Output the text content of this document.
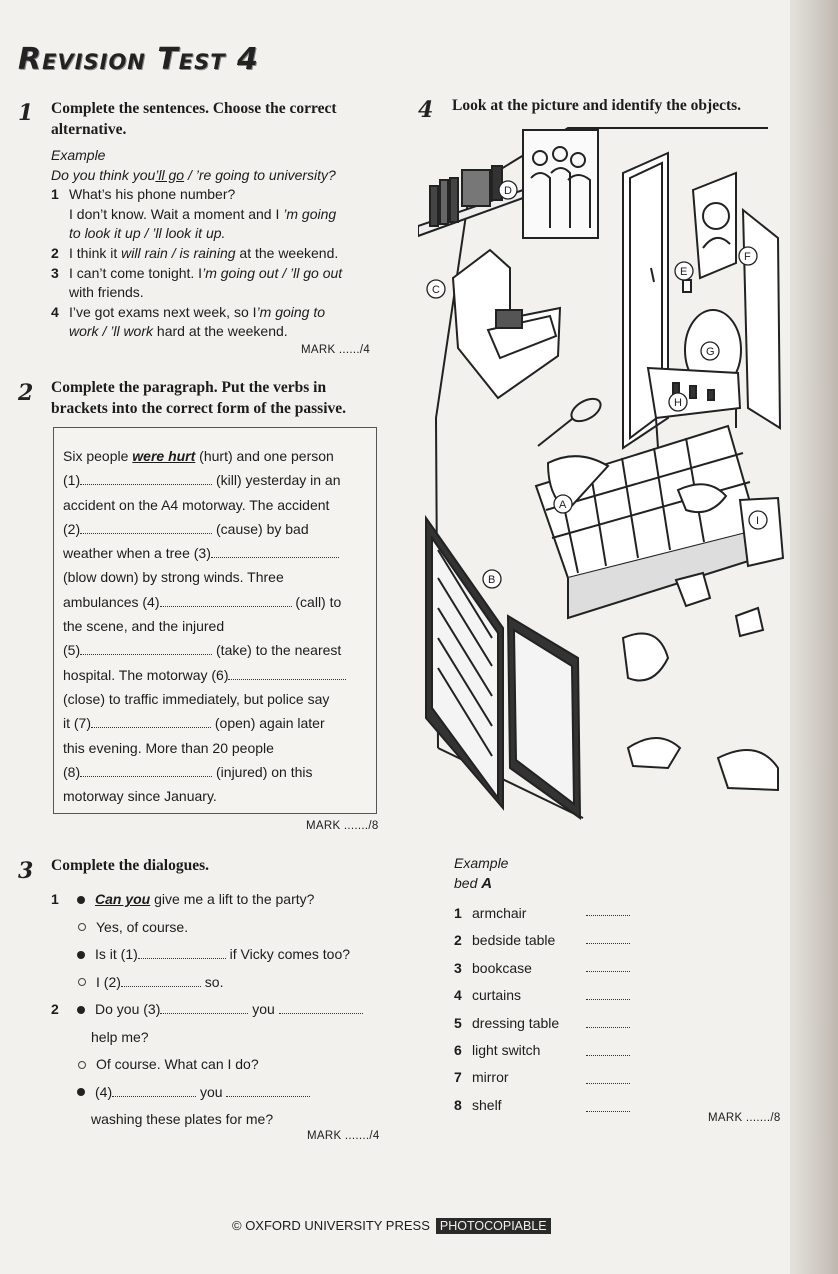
Revision Test 4
1 Complete the sentences. Choose the correct
alternative.
Example
Do you think you’ll go / ’re going to university?
1 What’s his phone number?
I don’t know. Wait a moment and I ’m going
to look it up / ’ll look it up.
2 I think it will rain / is raining at the weekend.
3 I can’t come tonight. I’m going out / ’ll go out
with friends.
4 I’ve got exams next week, so I’m going to
work / ’ll work hard at the weekend.
MARK ....../4
2 Complete the paragraph. Put the verbs in
brackets into the correct form of the passive.
Six people were hurt (hurt) and one person
(1)	(kill) yesterday in an
accident on the A4 motorway. The accident
(2)	(cause) by bad
weather when a tree (3)
(blow down) by strong winds. Three
ambulances (4)	(call) to
the scene, and the injured
(5)	(take) to the nearest
hospital. The motorway (6)
(close) to traffic immediately, but police say
it (7)	(open) again later
this evening. More than 20 people
(8)	(injured) on this
motorway since January.
MARK ......./8
3 Complete the dialogues.
1	Can you give me a lift to the party?
Yes, of course.
Is it (1)	if Vicky comes too?
I (2)	so.
2	Do you (3)	you
help me?
Of course. What can I do?
(4)	you
washing these plates for me?
MARK ......./4
4 Look at the picture and identify the objects.
A
B
C
D
E
F
G
H
I
Example
bed A
1 armchair
2 bedside table
3 bookcase
4 curtains
5 dressing table
6 light switch
7 mirror
8 shelf
MARK ......./8
© OXFORD UNIVERSITY PRESS PHOTOCOPIABLE
